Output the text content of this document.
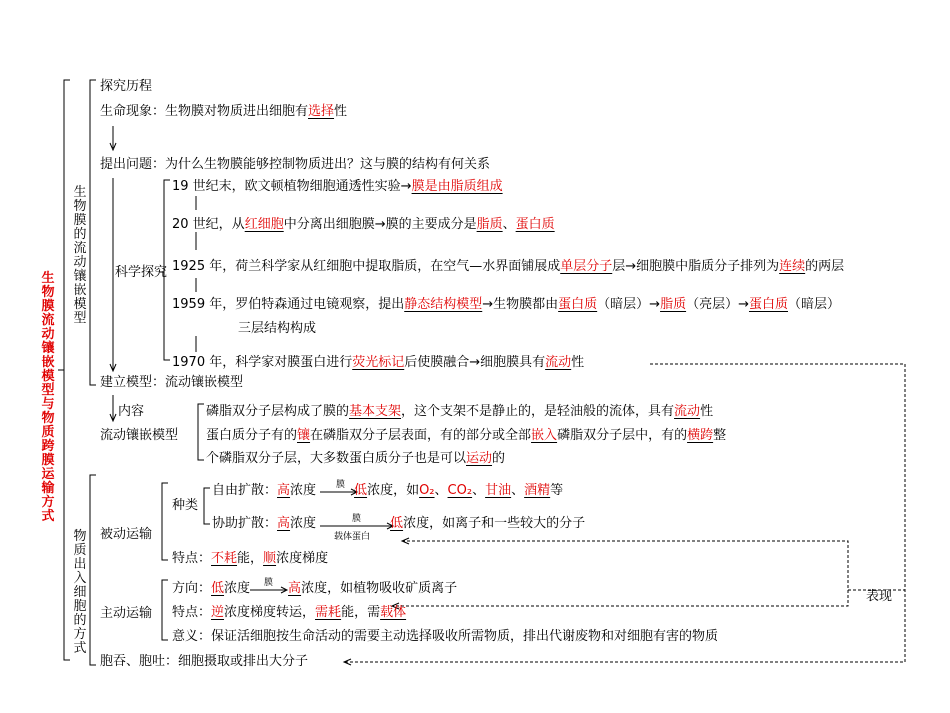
生物膜流动镶嵌模型与物质跨膜运输方式
生物膜的流动镶嵌模型
物质出入细胞的方式
探究历程
生命现象：生物膜对物质进出细胞有选择性
提出问题：为什么生物膜能够控制物质进出？这与膜的结构有何关系
科学探究
19 世纪末，欧文顿植物细胞通透性实验→膜是由脂质组成
20 世纪，从红细胞中分离出细胞膜→膜的主要成分是脂质、蛋白质
1925 年，荷兰科学家从红细胞中提取脂质，在空气—水界面铺展成单层分子层→细胞膜中脂质分子排列为连续的两层
1959 年，罗伯特森通过电镜观察，提出静态结构模型→生物膜都由蛋白质（暗层）→脂质（亮层）→蛋白质（暗层）
三层结构构成
1970 年，科学家对膜蛋白进行荧光标记后使膜融合→细胞膜具有流动性
建立模型：流动镶嵌模型
内容
流动镶嵌模型
磷脂双分子层构成了膜的基本支架，这个支架不是静止的，是轻油般的流体，具有流动性
蛋白质分子有的镶在磷脂双分子层表面，有的部分或全部嵌入磷脂双分子层中，有的横跨整
个磷脂双分子层，大多数蛋白质分子也是可以运动的
被动运输
种类
自由扩散：高浓度	低浓度，如O₂、CO₂、甘油、酒精等
膜
协助扩散：高浓度	低浓度，如离子和一些较大的分子
膜
载体蛋白
特点：不耗能，顺浓度梯度
主动运输
方向：低浓度	高浓度，如植物吸收矿质离子
膜
特点：逆浓度梯度转运，需耗能，需载体
意义：保证活细胞按生命活动的需要主动选择吸收所需物质，排出代谢废物和对细胞有害的物质
胞吞、胞吐：细胞摄取或排出大分子
表现
